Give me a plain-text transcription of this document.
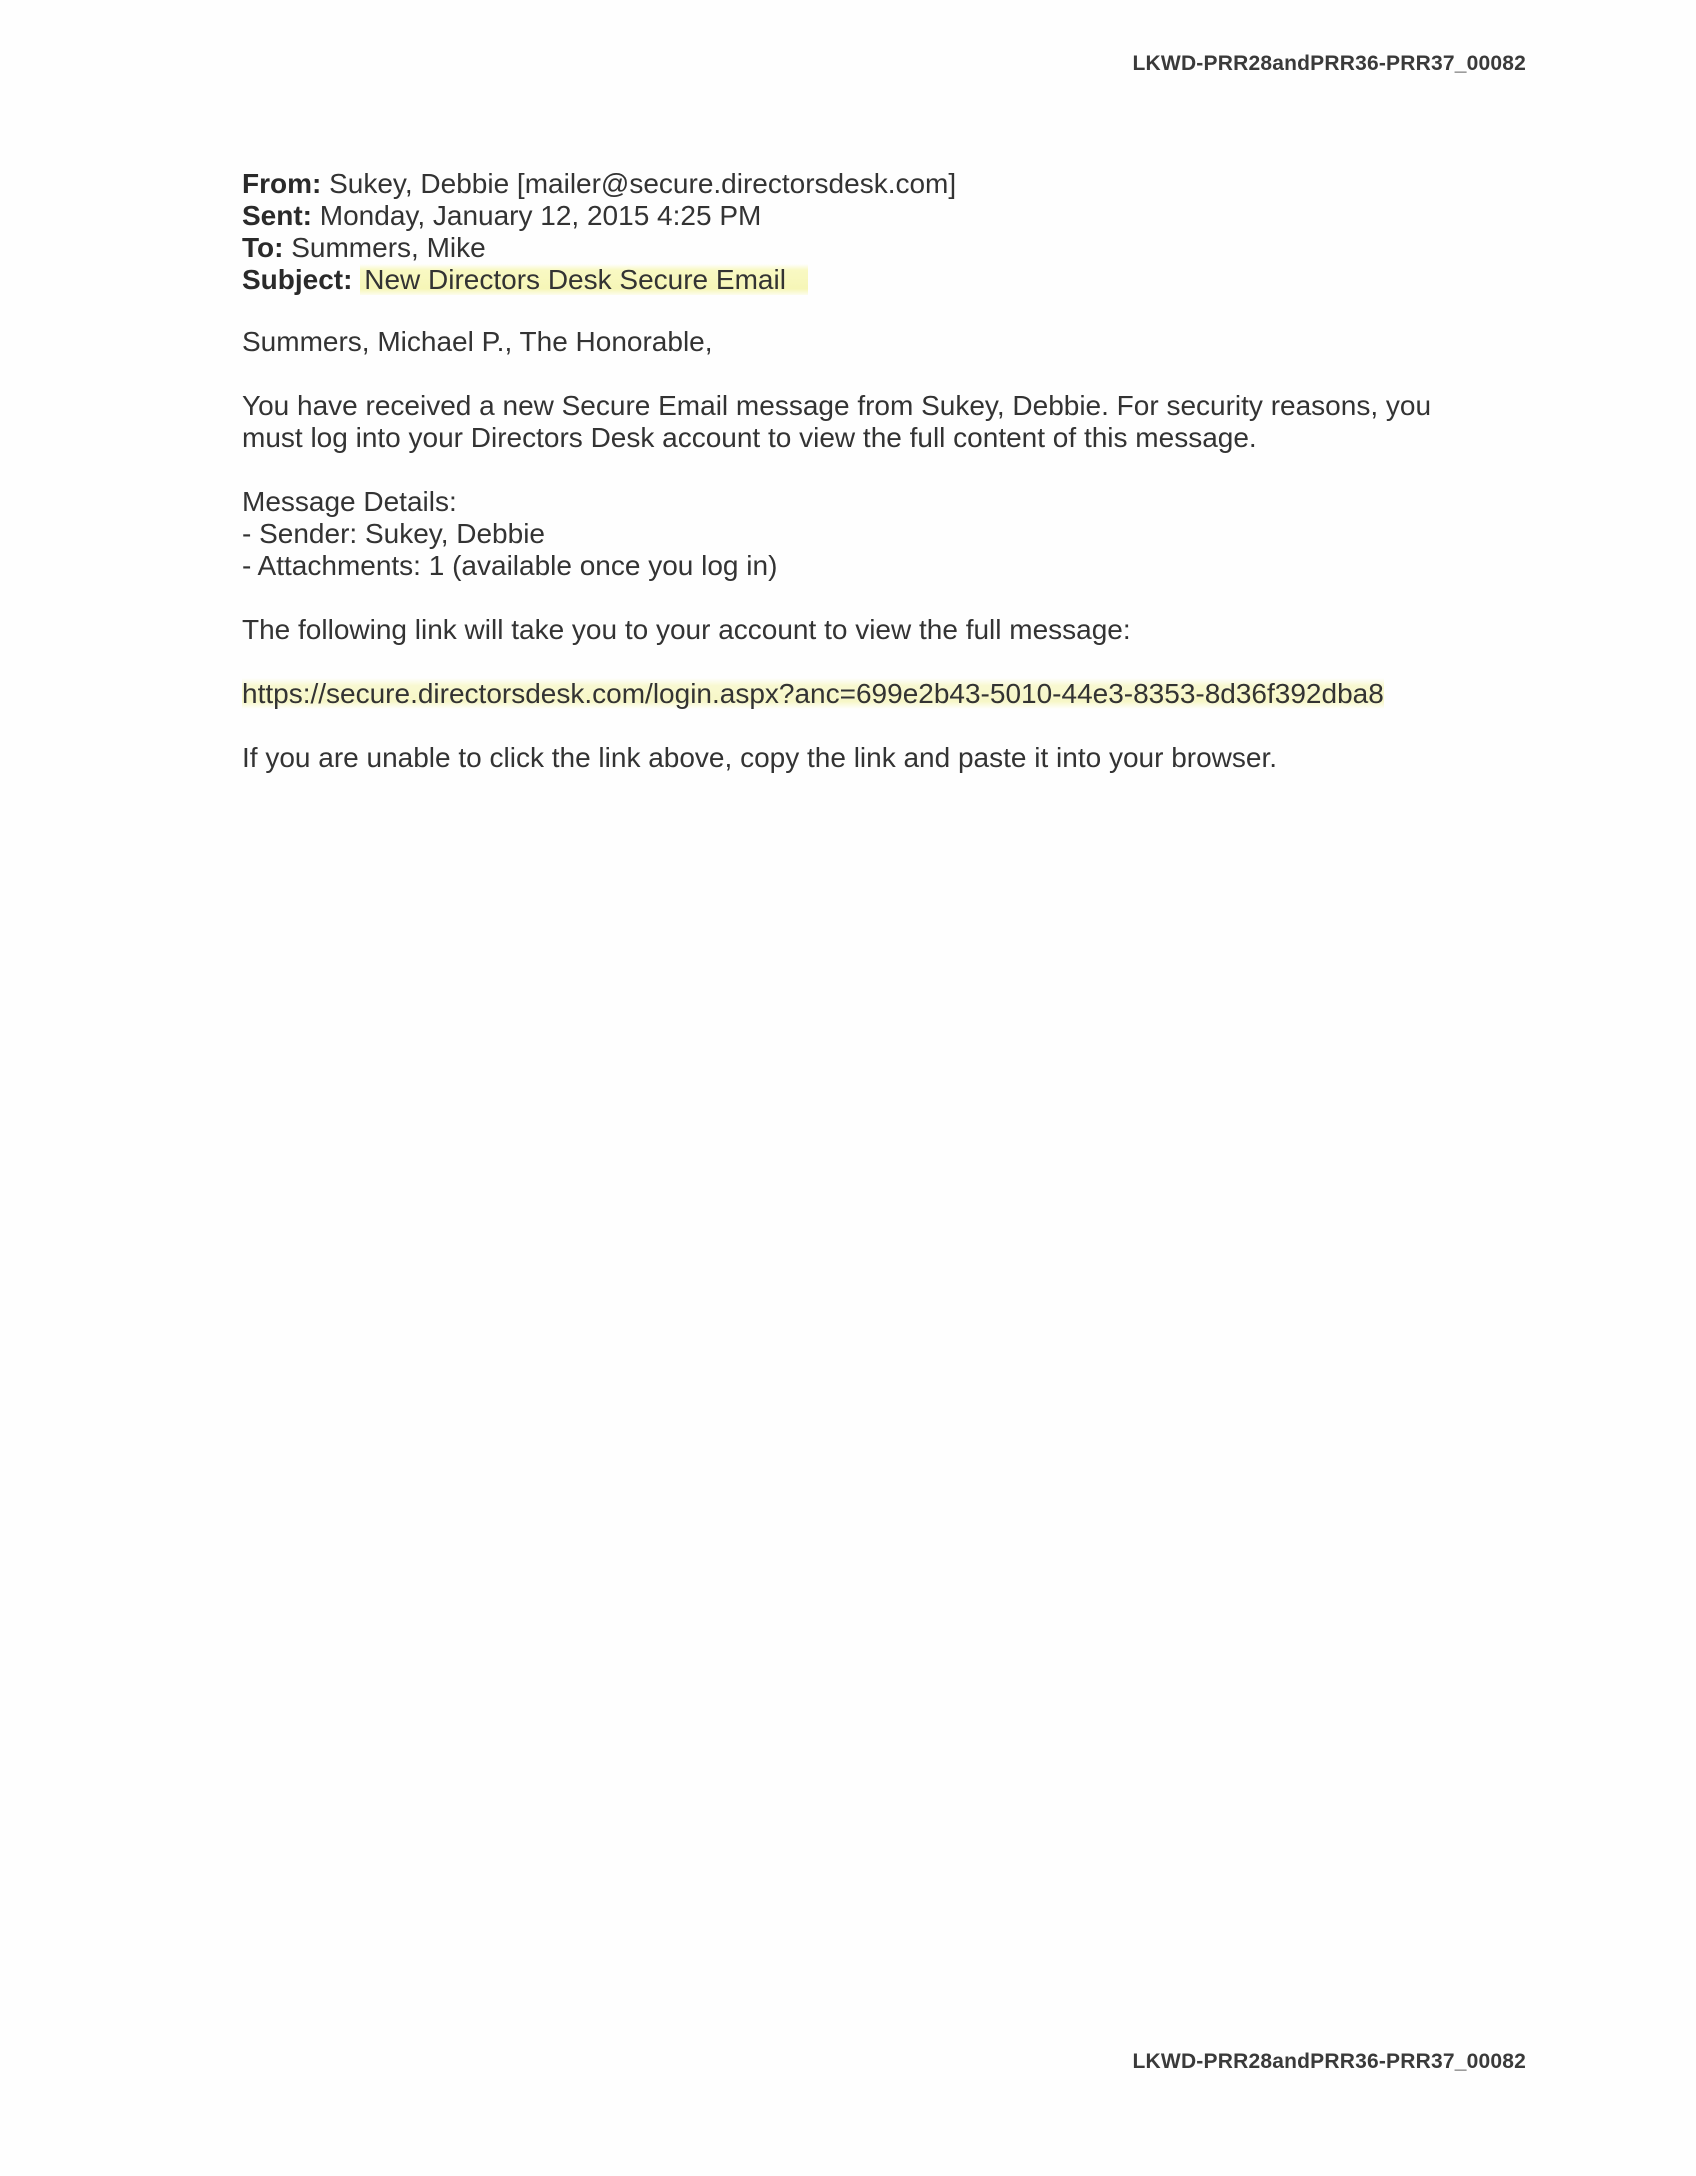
LKWD-PRR28andPRR36-PRR37_00082
From: Sukey, Debbie [mailer@secure.directorsdesk.com]
Sent: Monday, January 12, 2015 4:25 PM
To: Summers, Mike
Subject: New Directors Desk Secure Email

Summers, Michael P., The Honorable,

You have received a new Secure Email message from Sukey, Debbie. For security reasons, you

must log into your Directors Desk account to view the full content of this message.

Message Details:

- Sender: Sukey, Debbie

- Attachments: 1 (available once you log in)

The following link will take you to your account to view the full message:

https://secure.directorsdesk.com/login.aspx?anc=699e2b43-5010-44e3-8353-8d36f392dba8

If you are unable to click the link above, copy the link and paste it into your browser.

LKWD-PRR28andPRR36-PRR37_00082
